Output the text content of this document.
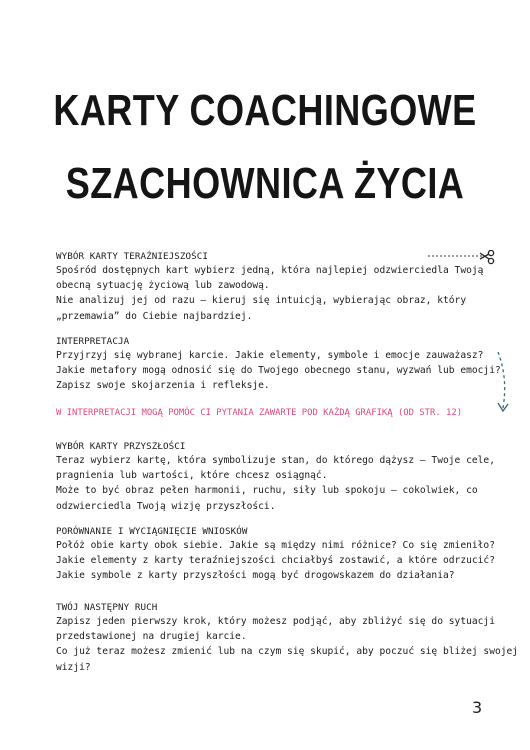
KARTY COACHINGOWE
SZACHOWNICA ŻYCIA
WYBÓR KARTY TERAŹNIEJSZOŚCI
Spośród dostępnych kart wybierz jedną, która najlepiej odzwierciedla Twoją
obecną sytuację życiową lub zawodową.
Nie analizuj jej od razu – kieruj się intuicją, wybierając obraz, który
„przemawia” do Ciebie najbardziej.
INTERPRETACJA
Przyjrzyj się wybranej karcie. Jakie elementy, symbole i emocje zauważasz?
Jakie metafory mogą odnosić się do Twojego obecnego stanu, wyzwań lub emocji?
Zapisz swoje skojarzenia i refleksje.
W INTERPRETACJI MOGĄ POMÓC CI PYTANIA ZAWARTE POD KAŻDĄ GRAFIKĄ (OD STR. 12)
WYBÓR KARTY PRZYSZŁOŚCI
Teraz wybierz kartę, która symbolizuje stan, do którego dążysz – Twoje cele,
pragnienia lub wartości, które chcesz osiągnąć.
Może to być obraz pełen harmonii, ruchu, siły lub spokoju – cokolwiek, co
odzwierciedla Twoją wizję przyszłości.
PORÓWNANIE I WYCIĄGNIĘCIE WNIOSKÓW
Połóż obie karty obok siebie. Jakie są między nimi różnice? Co się zmieniło?
Jakie elementy z karty teraźniejszości chciałbyś zostawić, a które odrzucić?
Jakie symbole z karty przyszłości mogą być drogowskazem do działania?
TWÓJ NASTĘPNY RUCH
Zapisz jeden pierwszy krok, który możesz podjąć, aby zbliżyć się do sytuacji
przedstawionej na drugiej karcie.
Co już teraz możesz zmienić lub na czym się skupić, aby poczuć się bliżej swojej
wizji?
3
